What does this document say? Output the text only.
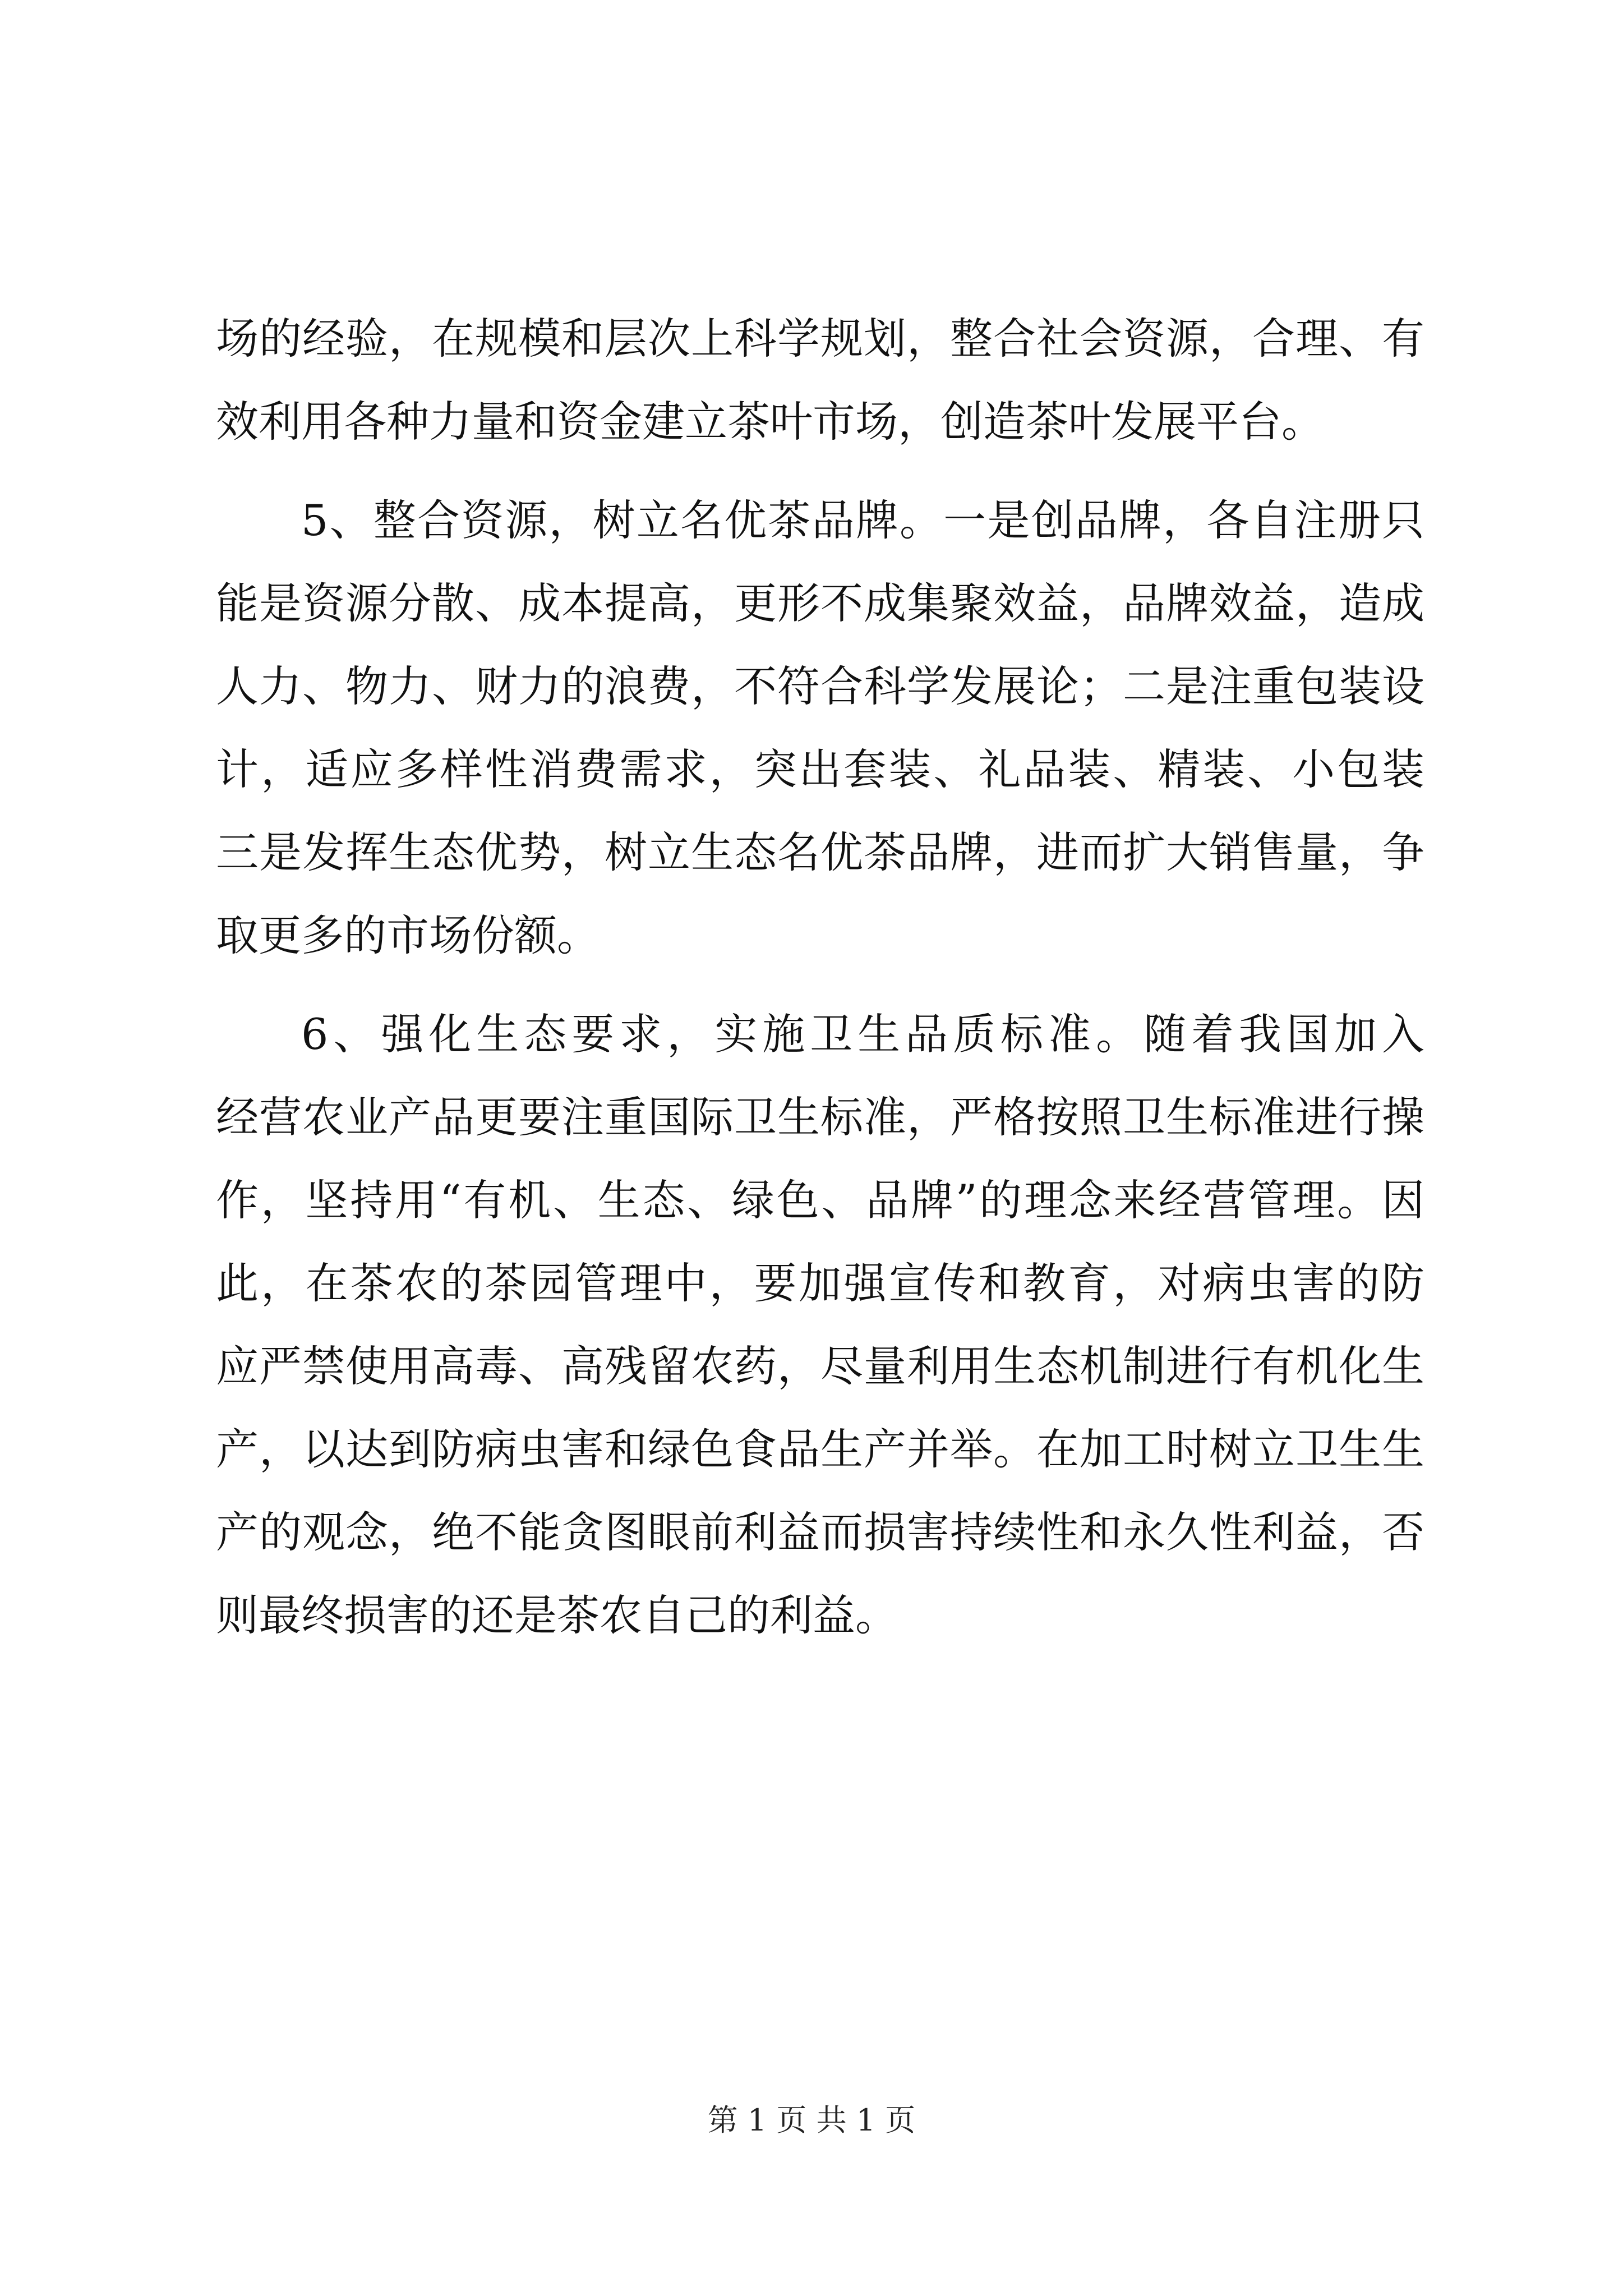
场的经验，在规模和层次上科学规划，整合社会资源，合理、有
效利用各种力量和资金建立茶叶市场，创造茶叶发展平台。
5、整合资源，树立名优茶品牌。一是创品牌，各自注册只
能是资源分散、成本提高，更形不成集聚效益，品牌效益，造成
人力、物力、财力的浪费，不符合科学发展论；二是注重包装设
计，适应多样性消费需求，突出套装、礼品装、精装、小包装
三是发挥生态优势，树立生态名优茶品牌，进而扩大销售量，争
取更多的市场份额。
6、强化生态要求，实施卫生品质标准。随着我国加入
经营农业产品更要注重国际卫生标准，严格按照卫生标准进行操
作，坚持用“有机、生态、绿色、品牌”的理念来经营管理。因
此，在茶农的茶园管理中，要加强宣传和教育，对病虫害的防
应严禁使用高毒、高残留农药，尽量利用生态机制进行有机化生
产，以达到防病虫害和绿色食品生产并举。在加工时树立卫生生
产的观念，绝不能贪图眼前利益而损害持续性和永久性利益，否
则最终损害的还是茶农自己的利益。
第 1 页 共 1 页
